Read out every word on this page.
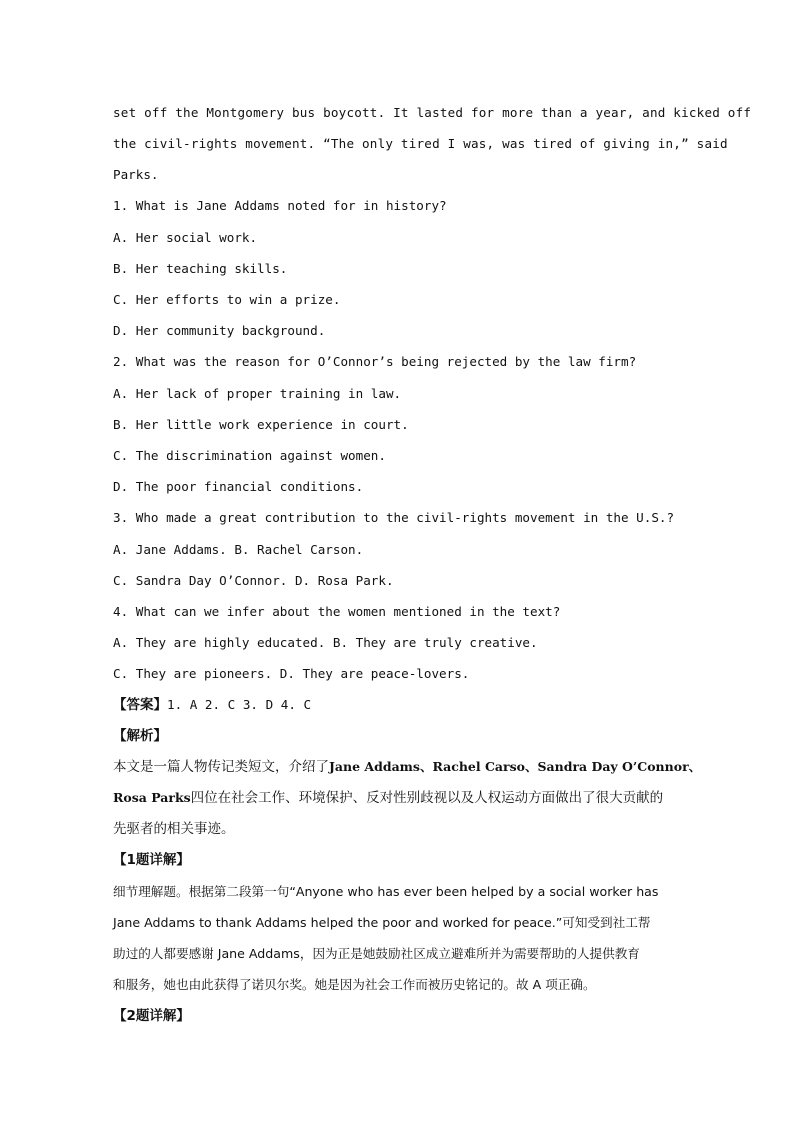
set off the Montgomery bus boycott. It lasted for more than a year, and kicked off
the civil-rights movement. “The only tired I was, was tired of giving in,” said
Parks.
1. What is Jane Addams noted for in history?
A. Her social work.
B. Her teaching skills.
C. Her efforts to win a prize.
D. Her community background.
2. What was the reason for O’Connor’s being rejected by the law firm?
A. Her lack of proper training in law.
B. Her little work experience in court.
C. The discrimination against women.
D. The poor financial conditions.
3. Who made a great contribution to the civil-rights movement in the U.S.?
A. Jane Addams. B. Rachel Carson.
C. Sandra Day O’Connor. D. Rosa Park.
4. What can we infer about the women mentioned in the text?
A. They are highly educated. B. They are truly creative.
C. They are pioneers. D. They are peace-lovers.
【答案】1. A 2. C 3. D 4. C
【解析】
本文是一篇人物传记类短文，介绍了Jane Addams、Rachel Carso、Sandra Day O’Connor、
Rosa Parks四位在社会工作、环境保护、反对性别歧视以及人权运动方面做出了很大贡献的
先驱者的相关事迹。
【1题详解】
细节理解题。根据第二段第一句“Anyone who has ever been helped by a social worker has
Jane Addams to thank Addams helped the poor and worked for peace.”可知受到社工帮
助过的人都要感谢 Jane Addams，因为正是她鼓励社区成立避难所并为需要帮助的人提供教育
和服务，她也由此获得了诺贝尔奖。她是因为社会工作而被历史铭记的。故 A 项正确。
【2题详解】
